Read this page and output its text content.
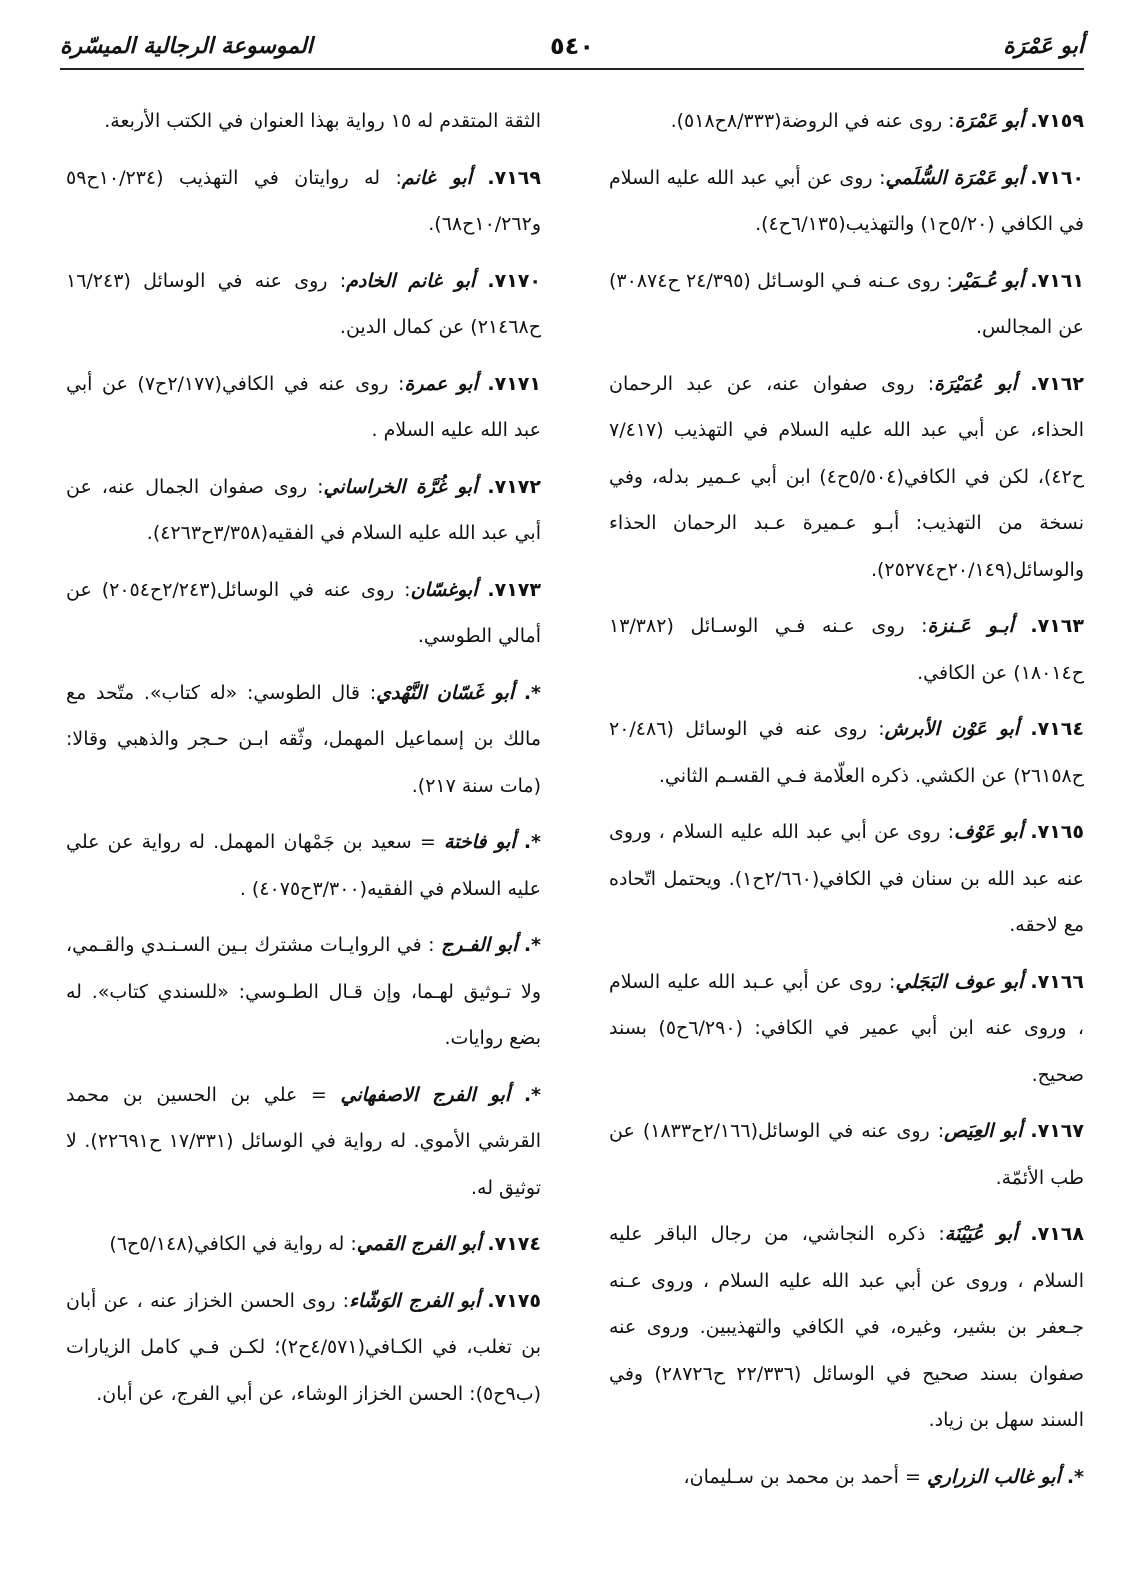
أبو عَمْرَة
٥٤٠
الموسوعة الرجالية الميسّرة

٧١٥٩. أبو عَمْرَة: روى عنه في الروضة(٨/٣٣٣ح٥١٨).

٧١٦٠. أبو عَمْرَة السُّلَمي: روى عن أبي عبد الله عليه السلام في الكافي (٥/٢٠ح١) والتهذيب(٦/١٣٥ح٤).

٧١٦١. أبو عُـمَيْر: روى عـنه فـي الوسـائل (٢٤/٣٩٥ ح٣٠٨٧٤) عن المجالس.

٧١٦٢. أبو عُمَيْرَة: روى صفوان عنه، عن عبد الرحمان الحذاء، عن أبي عبد الله عليه السلام في التهذيب (٧/٤١٧ ح٤٢)، لكن في الكافي(٥/٥٠٤ح٤) ابن أبي عـمير بدله، وفي نسخة من التهذيب: أبـو عـميرة عـبد الرحمان الحذاء والوسائل(٢٠/١٤٩ح٢٥٢٧٤).

٧١٦٣. أبـو عَـنزة: روى عـنه فـي الوسـائل (١٣/٣٨٢ ح١٨٠١٤) عن الكافي.

٧١٦٤. أبو عَوْن الأبرش: روى عنه في الوسائل (٢٠/٤٨٦ ح٢٦١٥٨) عن الكشي. ذكره العلّامة فـي القسـم الثاني.

٧١٦٥. أبو عَوْف: روى عن أبي عبد الله عليه السلام ، وروى عنه عبد الله بن سنان في الكافي(٢/٦٦٠ح١). ويحتمل اتّحاده مع لاحقه.

٧١٦٦. أبو عوف البَجَلي: روى عن أبي عـبد الله عليه السلام ، وروى عنه ابن أبي عمير في الكافي: (٦/٢٩٠ح٥) بسند صحيح.

٧١٦٧. أبو العِيَص: روى عنه في الوسائل(٢/١٦٦ح١٨٣٣) عن طب الأئمّة.

٧١٦٨. أبو عُيَيْنَة: ذكره النجاشي، من رجال الباقر عليه السلام ، وروى عن أبي عبد الله عليه السلام ، وروى عـنه جـعفر بن بشير، وغيره، في الكافي والتهذيبين. وروى عنه صفوان بسند صحيح في الوسائل (٢٢/٣٣٦ ح٢٨٧٢٦) وفي السند سهل بن زياد.

*. أبو غالب الزراري = أحمد بن محمد بن سـليمان،

الثقة المتقدم له ١٥ رواية بهذا العنوان في الكتب الأربعة.

٧١٦٩. أبو غانم: له روايتان في التهذيب (١٠/٢٣٤ح٥٩ و١٠/٢٦٢ح٦٨).

٧١٧٠. أبو غانم الخادم: روى عنه في الوسائل (١٦/٢٤٣ ح٢١٤٦٨) عن كمال الدين.

٧١٧١. أبو عمرة: روى عنه في الكافي(٢/١٧٧ح٧) عن أبي عبد الله عليه السلام .

٧١٧٢. أبو غُرَّة الخراساني: روى صفوان الجمال عنه، عن أبي عبد الله عليه السلام في الفقيه(٣/٣٥٨ح٤٢٦٣).

٧١٧٣. أبوغسّان: روى عنه في الوسائل(٢/٢٤٣ح٢٠٥٤) عن أمالي الطوسي.

*. أبو غَسّان النَّهْدي: قال الطوسي: «له كتاب». متّحد مع مالك بن إسماعيل المهمل، وثّقه ابـن حـجر والذهبي وقالا: (مات سنة ٢١٧).

*. أبو فاختة = سعيد بن جَمْهان المهمل. له رواية عن علي عليه السلام في الفقيه(٣/٣٠٠ح٤٠٧٥) .

*. أبو الفـرج : في الروايـات مشترك بـين السـنـدي والقـمي، ولا تـوثيق لهـما، وإن قـال الطـوسي: «للسندي كتاب». له بضع روايات.

*. أبو الفرج الاصفهاني = علي بن الحسين بن محمد القرشي الأموي. له رواية في الوسائل (١٧/٣٣١ ح٢٢٦٩١). لا توثيق له.

٧١٧٤. أبو الفرج القمي: له رواية في الكافي(٥/١٤٨ح٦)

٧١٧٥. أبو الفرج الوَشّاء: روى الحسن الخزاز عنه ، عن أبان بن تغلب، في الكـافي(٤/٥٧١ح٢)؛ لكـن فـي كامل الزيارات (ب٩ح٥): الحسن الخزاز الوشاء، عن أبي الفرج، عن أبان.
